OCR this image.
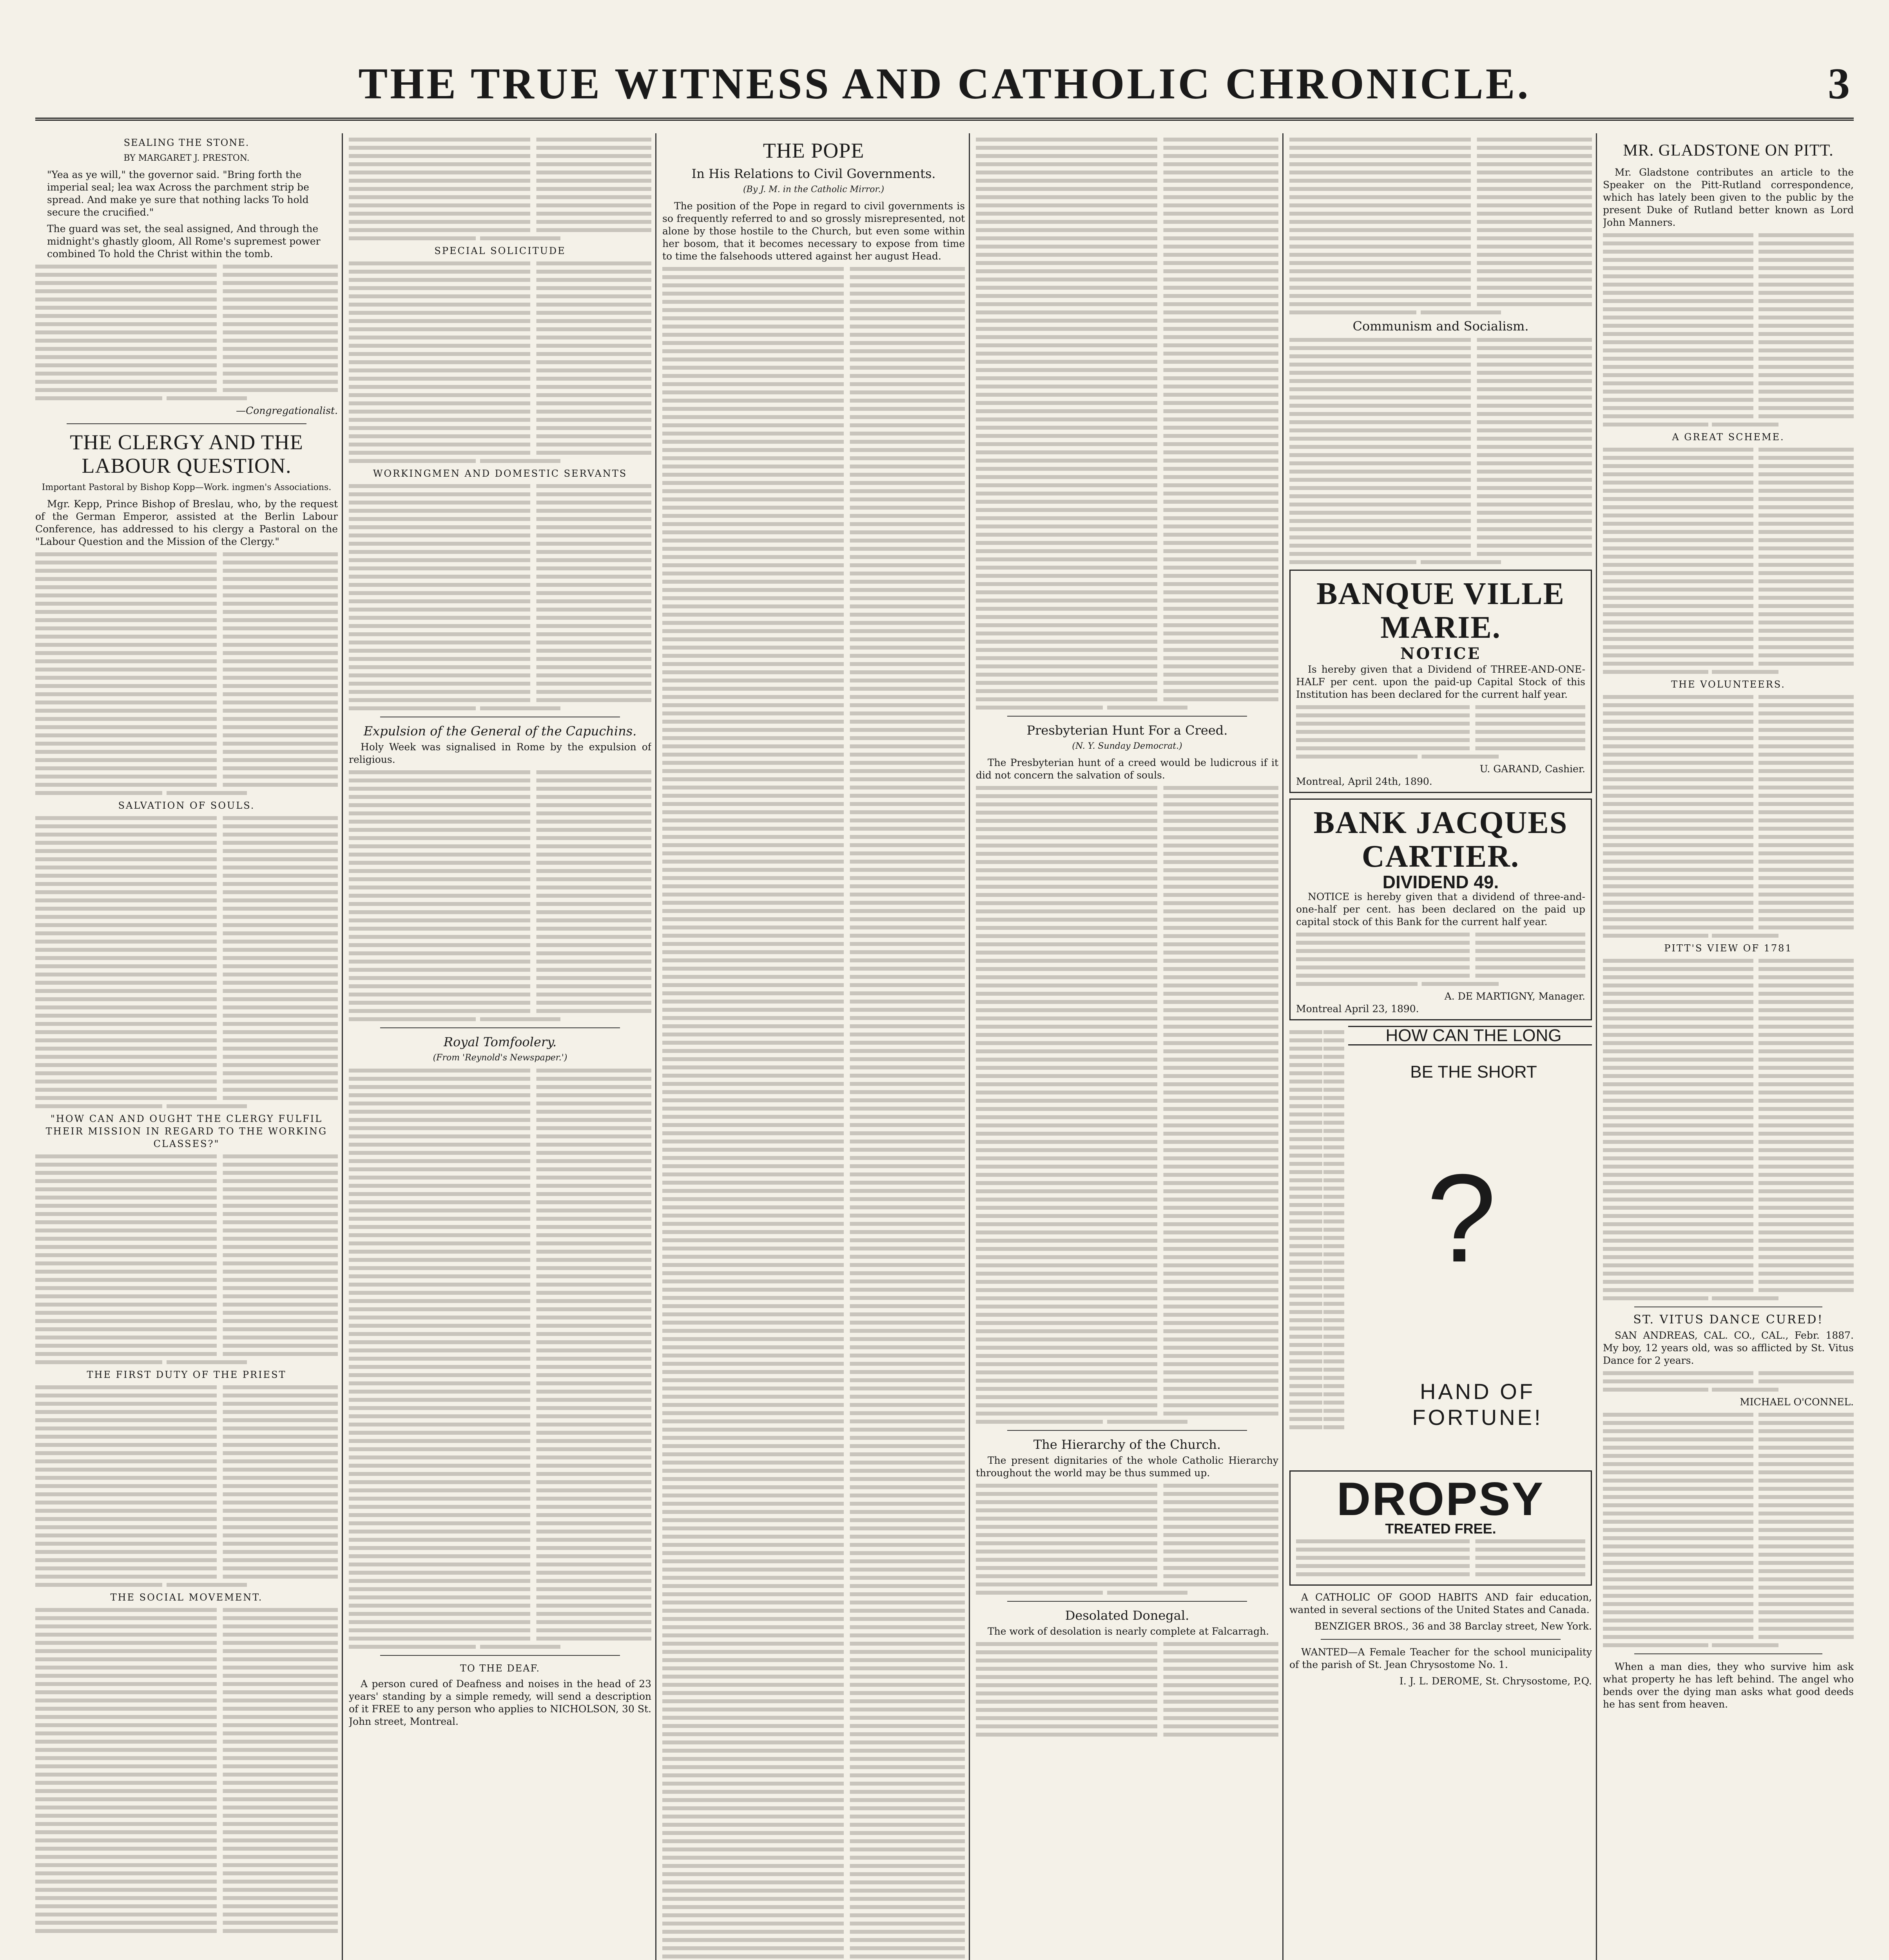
THE TRUE WITNESS AND CATHOLIC CHRONICLE.	3
SEALING THE STONE.
BY MARGARET J. PRESTON.

"Yea as ye will," the governor said. "Bring forth the imperial seal; lea wax Across the parchment strip be spread. And make ye sure that nothing lacks To hold secure the crucified."

The guard was set, the seal assigned, And through the midnight's ghastly gloom, All Rome's supremest power combined To hold the Christ within the tomb.

—Congregationalist.
THE CLERGY AND THE LABOUR QUESTION.
Important Pastoral by Bishop Kopp—Work. ingmen's Associations.

Mgr. Kepp, Prince Bishop of Breslau, who, by the request of the German Emperor, assisted at the Berlin Labour Conference, has addressed to his clergy a Pastoral on the "Labour Question and the Mission of the Clergy."

SALVATION OF SOULS.
"HOW CAN AND OUGHT THE CLERGY FULFIL THEIR MISSION IN REGARD TO THE WORKING CLASSES?"
THE FIRST DUTY OF THE PRIEST
THE SOCIAL MOVEMENT.
SPECIAL SOLICITUDE
WORKINGMEN AND DOMESTIC SERVANTS
Expulsion of the General of the Capuchins.

Holy Week was signalised in Rome by the expulsion of religious.

Royal Tomfoolery.
(From 'Reynold's Newspaper.')
TO THE DEAF.

A person cured of Deafness and noises in the head of 23 years' standing by a simple remedy, will send a description of it FREE to any person who applies to NICHOLSON, 30 St. John street, Montreal.

THE POPE
In His Relations to Civil Governments.
(By J. M. in the Catholic Mirror.)

The position of the Pope in regard to civil governments is so frequently referred to and so grossly misrepresented, not alone by those hostile to the Church, but even some within her bosom, that it becomes necessary to expose from time to time the falsehoods uttered against her august Head.

Presbyterian Hunt For a Creed.
(N. Y. Sunday Democrat.)

The Presbyterian hunt of a creed would be ludicrous if it did not concern the salvation of souls.

The Hierarchy of the Church.

The present dignitaries of the whole Catholic Hierarchy throughout the world may be thus summed up.

Desolated Donegal.

The work of desolation is nearly complete at Falcarragh.

Communism and Socialism.
BANQUE VILLE MARIE.
NOTICE

Is hereby given that a Dividend of THREE-AND-ONE-HALF per cent. upon the paid-up Capital Stock of this Institution has been declared for the current half year.

U. GARAND, Cashier.
Montreal, April 24th, 1890.
BANK JACQUES CARTIER.
DIVIDEND 49.

NOTICE is hereby given that a dividend of three-and-one-half per cent. has been declared on the paid up capital stock of this Bank for the current half year.

A. DE MARTIGNY, Manager.
Montreal April 23, 1890.
HOW CAN THE LONG
BE THE SHORT
?
HAND OF FORTUNE!
DROPSY
TREATED FREE.

A CATHOLIC OF GOOD HABITS AND fair education, wanted in several sections of the United States and Canada.

BENZIGER BROS., 36 and 38 Barclay street, New York.

WANTED—A Female Teacher for the school municipality of the parish of St. Jean Chrysostome No. 1.

I. J. L. DEROME, St. Chrysostome, P.Q.
MR. GLADSTONE ON PITT.

Mr. Gladstone contributes an article to the Speaker on the Pitt-Rutland correspondence, which has lately been given to the public by the present Duke of Rutland better known as Lord John Manners.

A GREAT SCHEME.
THE VOLUNTEERS.
PITT'S VIEW OF 1781
ST. VITUS DANCE CURED!

SAN ANDREAS, CAL. CO., CAL., Febr. 1887. My boy, 12 years old, was so afflicted by St. Vitus Dance for 2 years.

MICHAEL O'CONNEL.

When a man dies, they who survive him ask what property he has left behind. The angel who bends over the dying man asks what good deeds he has sent from heaven.
